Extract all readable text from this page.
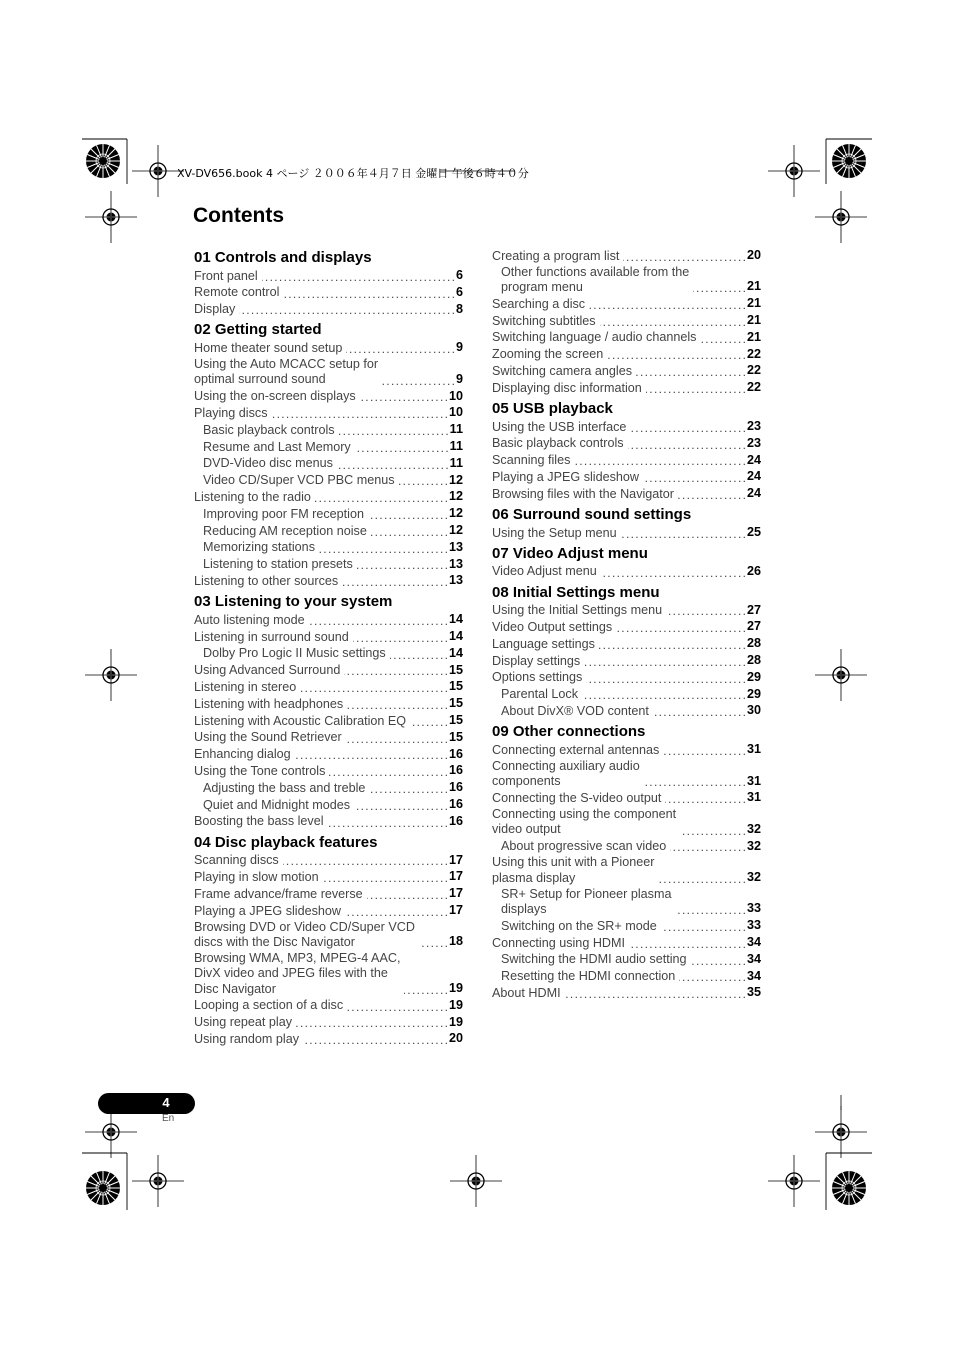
XV-DV656.book 4 ページ ２００６年４月７日 金曜日 午後６時４０分
Contents
01 Controls and displays
Front panel . . .	6
Remote control . . .	6
Display . . .	8
02 Getting started
Home theater sound setup . . .	9
Using the Auto MCACC setup for
optimal surround sound . . .	9
Using the on-screen displays . . .	10
Playing discs . . .	10
Basic playback controls . . .	11
Resume and Last Memory . . .	11
DVD-Video disc menus . . .	11
Video CD/Super VCD PBC menus . . .	12
Listening to the radio . . .	12
Improving poor FM reception . . .	12
Reducing AM reception noise . . .	12
Memorizing stations . . .	13
Listening to station presets . . .	13
Listening to other sources . . .	13
03 Listening to your system
Auto listening mode . . .	14
Listening in surround sound . . .	14
Dolby Pro Logic II Music settings . . .	14
Using Advanced Surround . . .	15
Listening in stereo . . .	15
Listening with headphones . . .	15
Listening with Acoustic Calibration EQ . . .	15
Using the Sound Retriever . . .	15
Enhancing dialog . . .	16
Using the Tone controls . . .	16
Adjusting the bass and treble . . .	16
Quiet and Midnight modes . . .	16
Boosting the bass level . . .	16
04 Disc playback features
Scanning discs . . .	17
Playing in slow motion . . .	17
Frame advance/frame reverse . . .	17
Playing a JPEG slideshow . . .	17
Browsing DVD or Video CD/Super VCD
discs with the Disc Navigator . . .	18
Browsing WMA, MP3, MPEG-4 AAC,
DivX video and JPEG files with the
Disc Navigator . . .	19
Looping a section of a disc . . .	19
Using repeat play . . .	19
Using random play . . .	20
Creating a program list . . .	20
Other functions available from the
program menu . . .	21
Searching a disc . . .	21
Switching subtitles . . .	21
Switching language / audio channels . . .	21
Zooming the screen . . .	22
Switching camera angles . . .	22
Displaying disc information . . .	22
05 USB playback
Using the USB interface . . .	23
Basic playback controls . . .	23
Scanning files . . .	24
Playing a JPEG slideshow . . .	24
Browsing files with the Navigator . . .	24
06 Surround sound settings
Using the Setup menu . . .	25
07 Video Adjust menu
Video Adjust menu . . .	26
08 Initial Settings menu
Using the Initial Settings menu . . .	27
Video Output settings . . .	27
Language settings . . .	28
Display settings . . .	28
Options settings . . .	29
Parental Lock . . .	29
About DivX® VOD content . . .	30
09 Other connections
Connecting external antennas . . .	31
Connecting auxiliary audio
components . . .	31
Connecting the S-video output . . .	31
Connecting using the component
video output . . .	32
About progressive scan video . . .	32
Using this unit with a Pioneer
plasma display . . .	32
SR+ Setup for Pioneer plasma
displays . . .	33
Switching on the SR+ mode . . .	33
Connecting using HDMI . . .	34
Switching the HDMI audio setting . . .	34
Resetting the HDMI connection . . .	34
About HDMI . . .	35
4
En
